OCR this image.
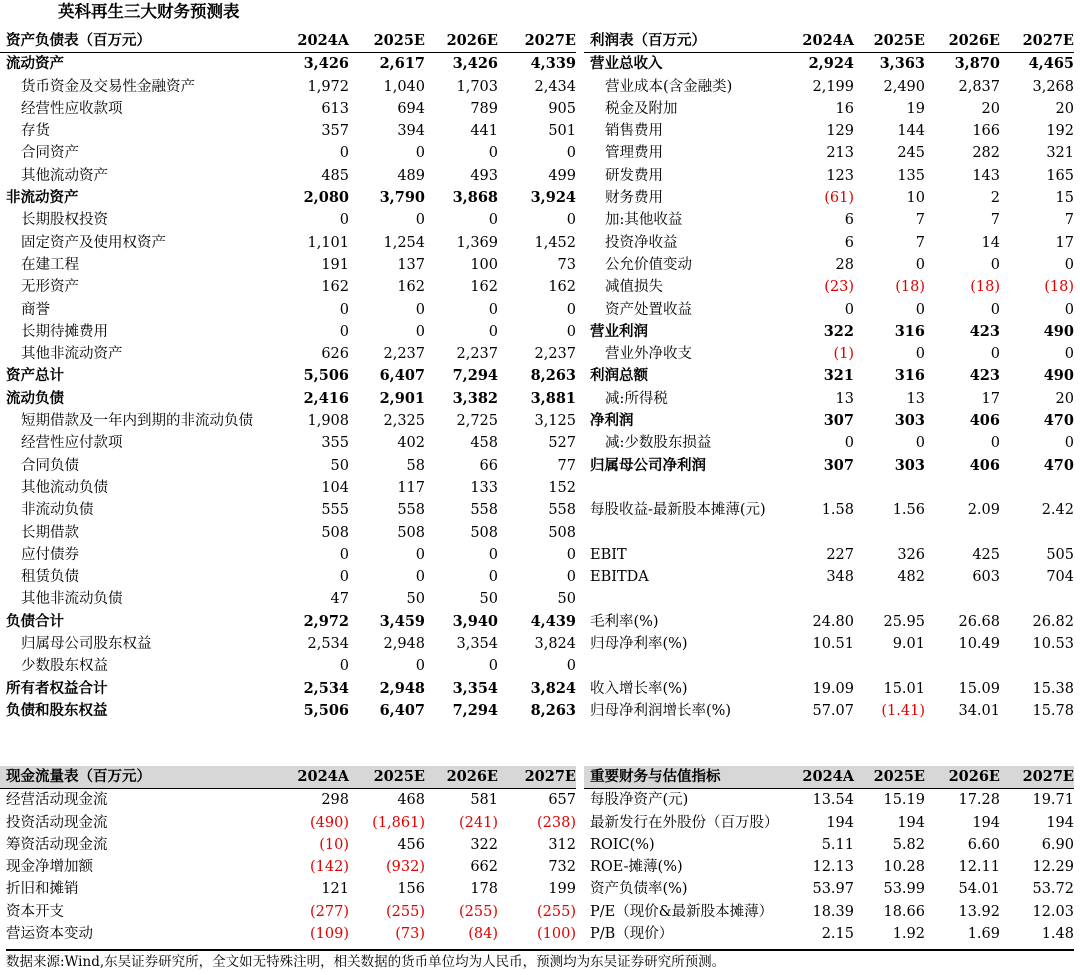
英科再生三大财务预测表
资产负债表（百万元）	2024A	2025E	2026E	2027E
流动资产	3,426	2,617	3,426	4,339
货币资金及交易性金融资产	1,972	1,040	1,703	2,434
经营性应收款项	613	694	789	905
存货	357	394	441	501
合同资产	0	0	0	0
其他流动资产	485	489	493	499
非流动资产	2,080	3,790	3,868	3,924
长期股权投资	0	0	0	0
固定资产及使用权资产	1,101	1,254	1,369	1,452
在建工程	191	137	100	73
无形资产	162	162	162	162
商誉	0	0	0	0
长期待摊费用	0	0	0	0
其他非流动资产	626	2,237	2,237	2,237
资产总计	5,506	6,407	7,294	8,263
流动负债	2,416	2,901	3,382	3,881
短期借款及一年内到期的非流动负债	1,908	2,325	2,725	3,125
经营性应付款项	355	402	458	527
合同负债	50	58	66	77
其他流动负债	104	117	133	152
非流动负债	555	558	558	558
长期借款	508	508	508	508
应付债券	0	0	0	0
租赁负债	0	0	0	0
其他非流动负债	47	50	50	50
负债合计	2,972	3,459	3,940	4,439
归属母公司股东权益	2,534	2,948	3,354	3,824
少数股东权益	0	0	0	0
所有者权益合计	2,534	2,948	3,354	3,824
负债和股东权益	5,506	6,407	7,294	8,263
利润表（百万元）	2024A	2025E	2026E	2027E
营业总收入	2,924	3,363	3,870	4,465
营业成本(含金融类)	2,199	2,490	2,837	3,268
税金及附加	16	19	20	20
销售费用	129	144	166	192
管理费用	213	245	282	321
研发费用	123	135	143	165
财务费用	(61)	10	2	15
加:其他收益	6	7	7	7
投资净收益	6	7	14	17
公允价值变动	28	0	0	0
减值损失	(23)	(18)	(18)	(18)
资产处置收益	0	0	0	0
营业利润	322	316	423	490
营业外净收支	(1)	0	0	0
利润总额	321	316	423	490
减:所得税	13	13	17	20
净利润	307	303	406	470
减:少数股东损益	0	0	0	0
归属母公司净利润	307	303	406	470
每股收益-最新股本摊薄(元)	1.58	1.56	2.09	2.42
EBIT	227	326	425	505
EBITDA	348	482	603	704
毛利率(%)	24.80	25.95	26.68	26.82
归母净利率(%)	10.51	9.01	10.49	10.53
收入增长率(%)	19.09	15.01	15.09	15.38
归母净利润增长率(%)	57.07	(1.41)	34.01	15.78
现金流量表（百万元）	2024A	2025E	2026E	2027E
经营活动现金流	298	468	581	657
投资活动现金流	(490)	(1,861)	(241)	(238)
筹资活动现金流	(10)	456	322	312
现金净增加额	(142)	(932)	662	732
折旧和摊销	121	156	178	199
资本开支	(277)	(255)	(255)	(255)
营运资本变动	(109)	(73)	(84)	(100)
重要财务与估值指标	2024A	2025E	2026E	2027E
每股净资产(元)	13.54	15.19	17.28	19.71
最新发行在外股份（百万股）	194	194	194	194
ROIC(%)	5.11	5.82	6.60	6.90
ROE-摊薄(%)	12.13	10.28	12.11	12.29
资产负债率(%)	53.97	53.99	54.01	53.72
P/E（现价&最新股本摊薄）	18.39	18.66	13.92	12.03
P/B（现价）	2.15	1.92	1.69	1.48
数据来源:Wind,东吴证券研究所，全文如无特殊注明，相关数据的货币单位均为人民币，预测均为东吴证券研究所预测。
